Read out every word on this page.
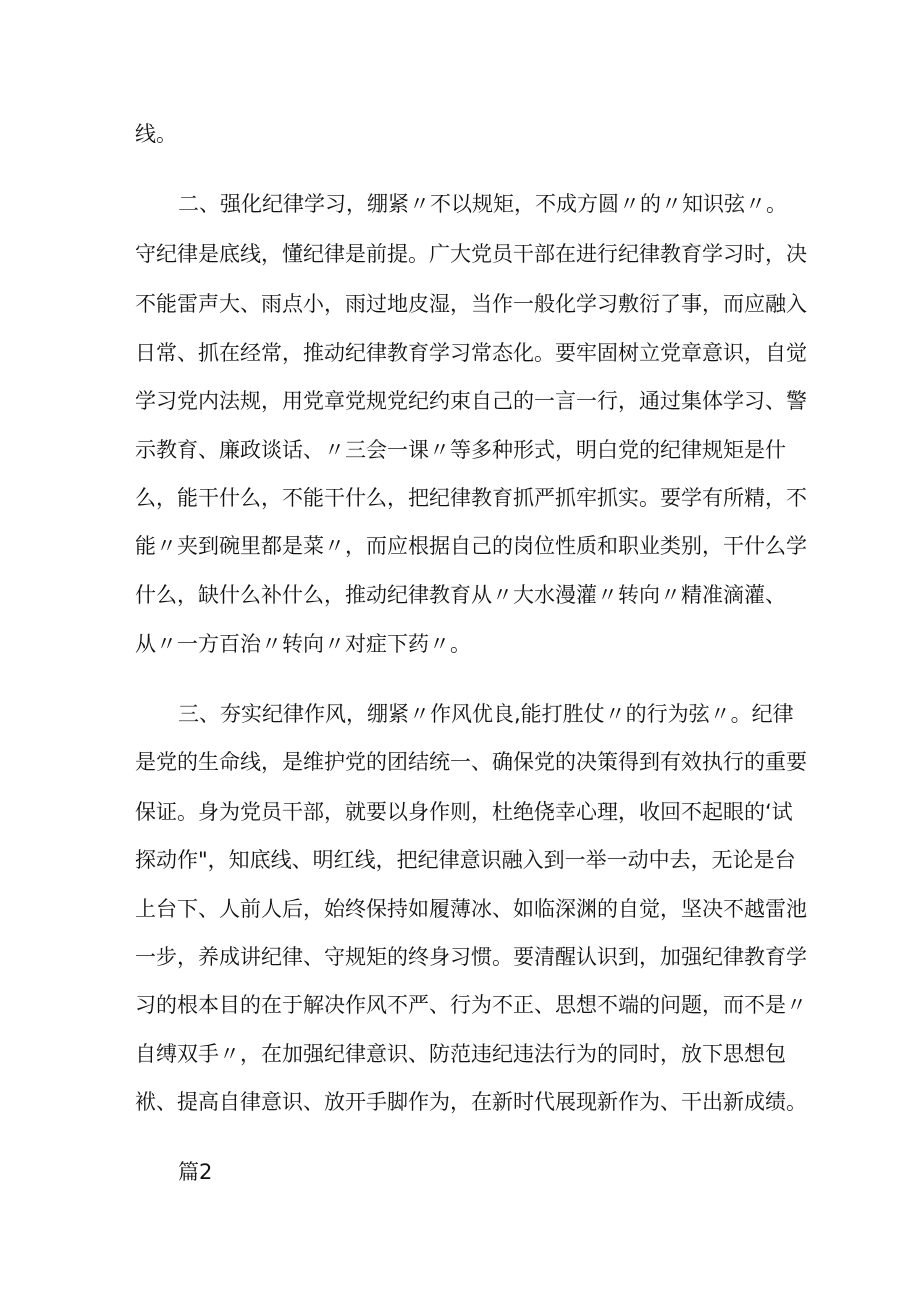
线。
二、强化纪律学习，绷紧〃不以规矩，不成方圆〃的〃知识弦〃。
守纪律是底线，懂纪律是前提。广大党员干部在进行纪律教育学习时，决
不能雷声大、雨点小，雨过地皮湿，当作一般化学习敷衍了事，而应融入
日常、抓在经常，推动纪律教育学习常态化。要牢固树立党章意识，自觉
学习党内法规，用党章党规党纪约束自己的一言一行，通过集体学习、警
示教育、廉政谈话、〃三会一课〃等多种形式，明白党的纪律规矩是什
么，能干什么，不能干什么，把纪律教育抓严抓牢抓实。要学有所精，不
能〃夹到碗里都是菜〃，而应根据自己的岗位性质和职业类别，干什么学
什么，缺什么补什么，推动纪律教育从〃大水漫灌〃转向〃精准滴灌、
从〃一方百治〃转向〃对症下药〃。
三、夯实纪律作风，绷紧〃作风优良,能打胜仗〃的行为弦〃。纪律
是党的生命线，是维护党的团结统一、确保党的决策得到有效执行的重要
保证。身为党员干部，就要以身作则，杜绝侥幸心理，收回不起眼的‘试
探动作"，知底线、明红线，把纪律意识融入到一举一动中去，无论是台
上台下、人前人后，始终保持如履薄冰、如临深渊的自觉，坚决不越雷池
一步，养成讲纪律、守规矩的终身习惯。要清醒认识到，加强纪律教育学
习的根本目的在于解决作风不严、行为不正、思想不端的问题，而不是〃
自缚双手〃，在加强纪律意识、防范违纪违法行为的同时，放下思想包
袱、提高自律意识、放开手脚作为，在新时代展现新作为、干出新成绩。
篇2
